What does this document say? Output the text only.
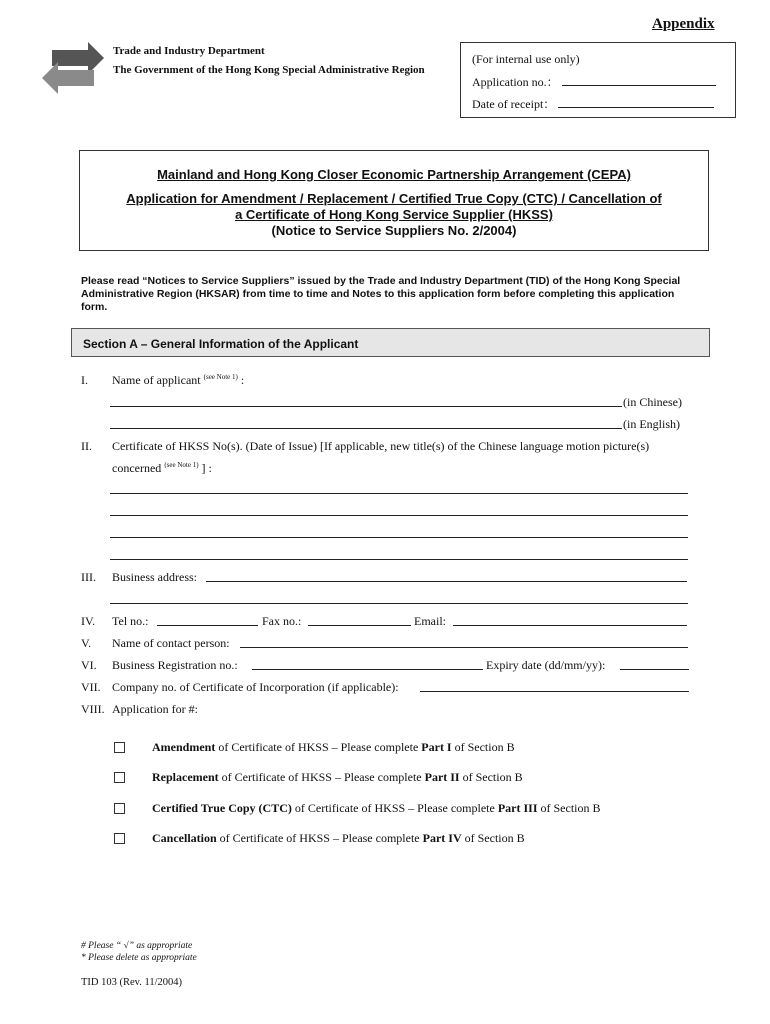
Appendix
Trade and Industry Department
The Government of the Hong Kong Special Administrative Region
(For internal use only)
Application no.：
Date of receipt：
Mainland and Hong Kong Closer Economic Partnership Arrangement (CEPA)
Application for Amendment / Replacement / Certified True Copy (CTC) / Cancellation of
a Certificate of Hong Kong Service Supplier (HKSS)
(Notice to Service Suppliers No. 2/2004)
Please read “Notices to Service Suppliers” issued by the Trade and Industry Department (TID) of the Hong Kong Special Administrative Region (HKSAR) from time to time and Notes to this application form before completing this application form.
Section A – General Information of the Applicant
I. Name of applicant $^{(see Note 1)}$ :
(in Chinese)
(in English)
II. Certificate of HKSS No(s). (Date of Issue) [If applicable, new title(s) of the Chinese language motion picture(s)
concerned $^{(see Note 1)}$ ] :
III. Business address:
IV. Tel no.:	Fax no.:	Email:
V. Name of contact person:
VI. Business Registration no.:	Expiry date (dd/mm/yy):
VII. Company no. of Certificate of Incorporation (if applicable):
VIII. Application for #:
Amendment of Certificate of HKSS – Please complete Part I of Section B
Replacement of Certificate of HKSS – Please complete Part II of Section B
Certified True Copy (CTC) of Certificate of HKSS – Please complete Part III of Section B
Cancellation of Certificate of HKSS – Please complete Part IV of Section B
# Please “ √” as appropriate
* Please delete as appropriate
TID 103 (Rev. 11/2004)
